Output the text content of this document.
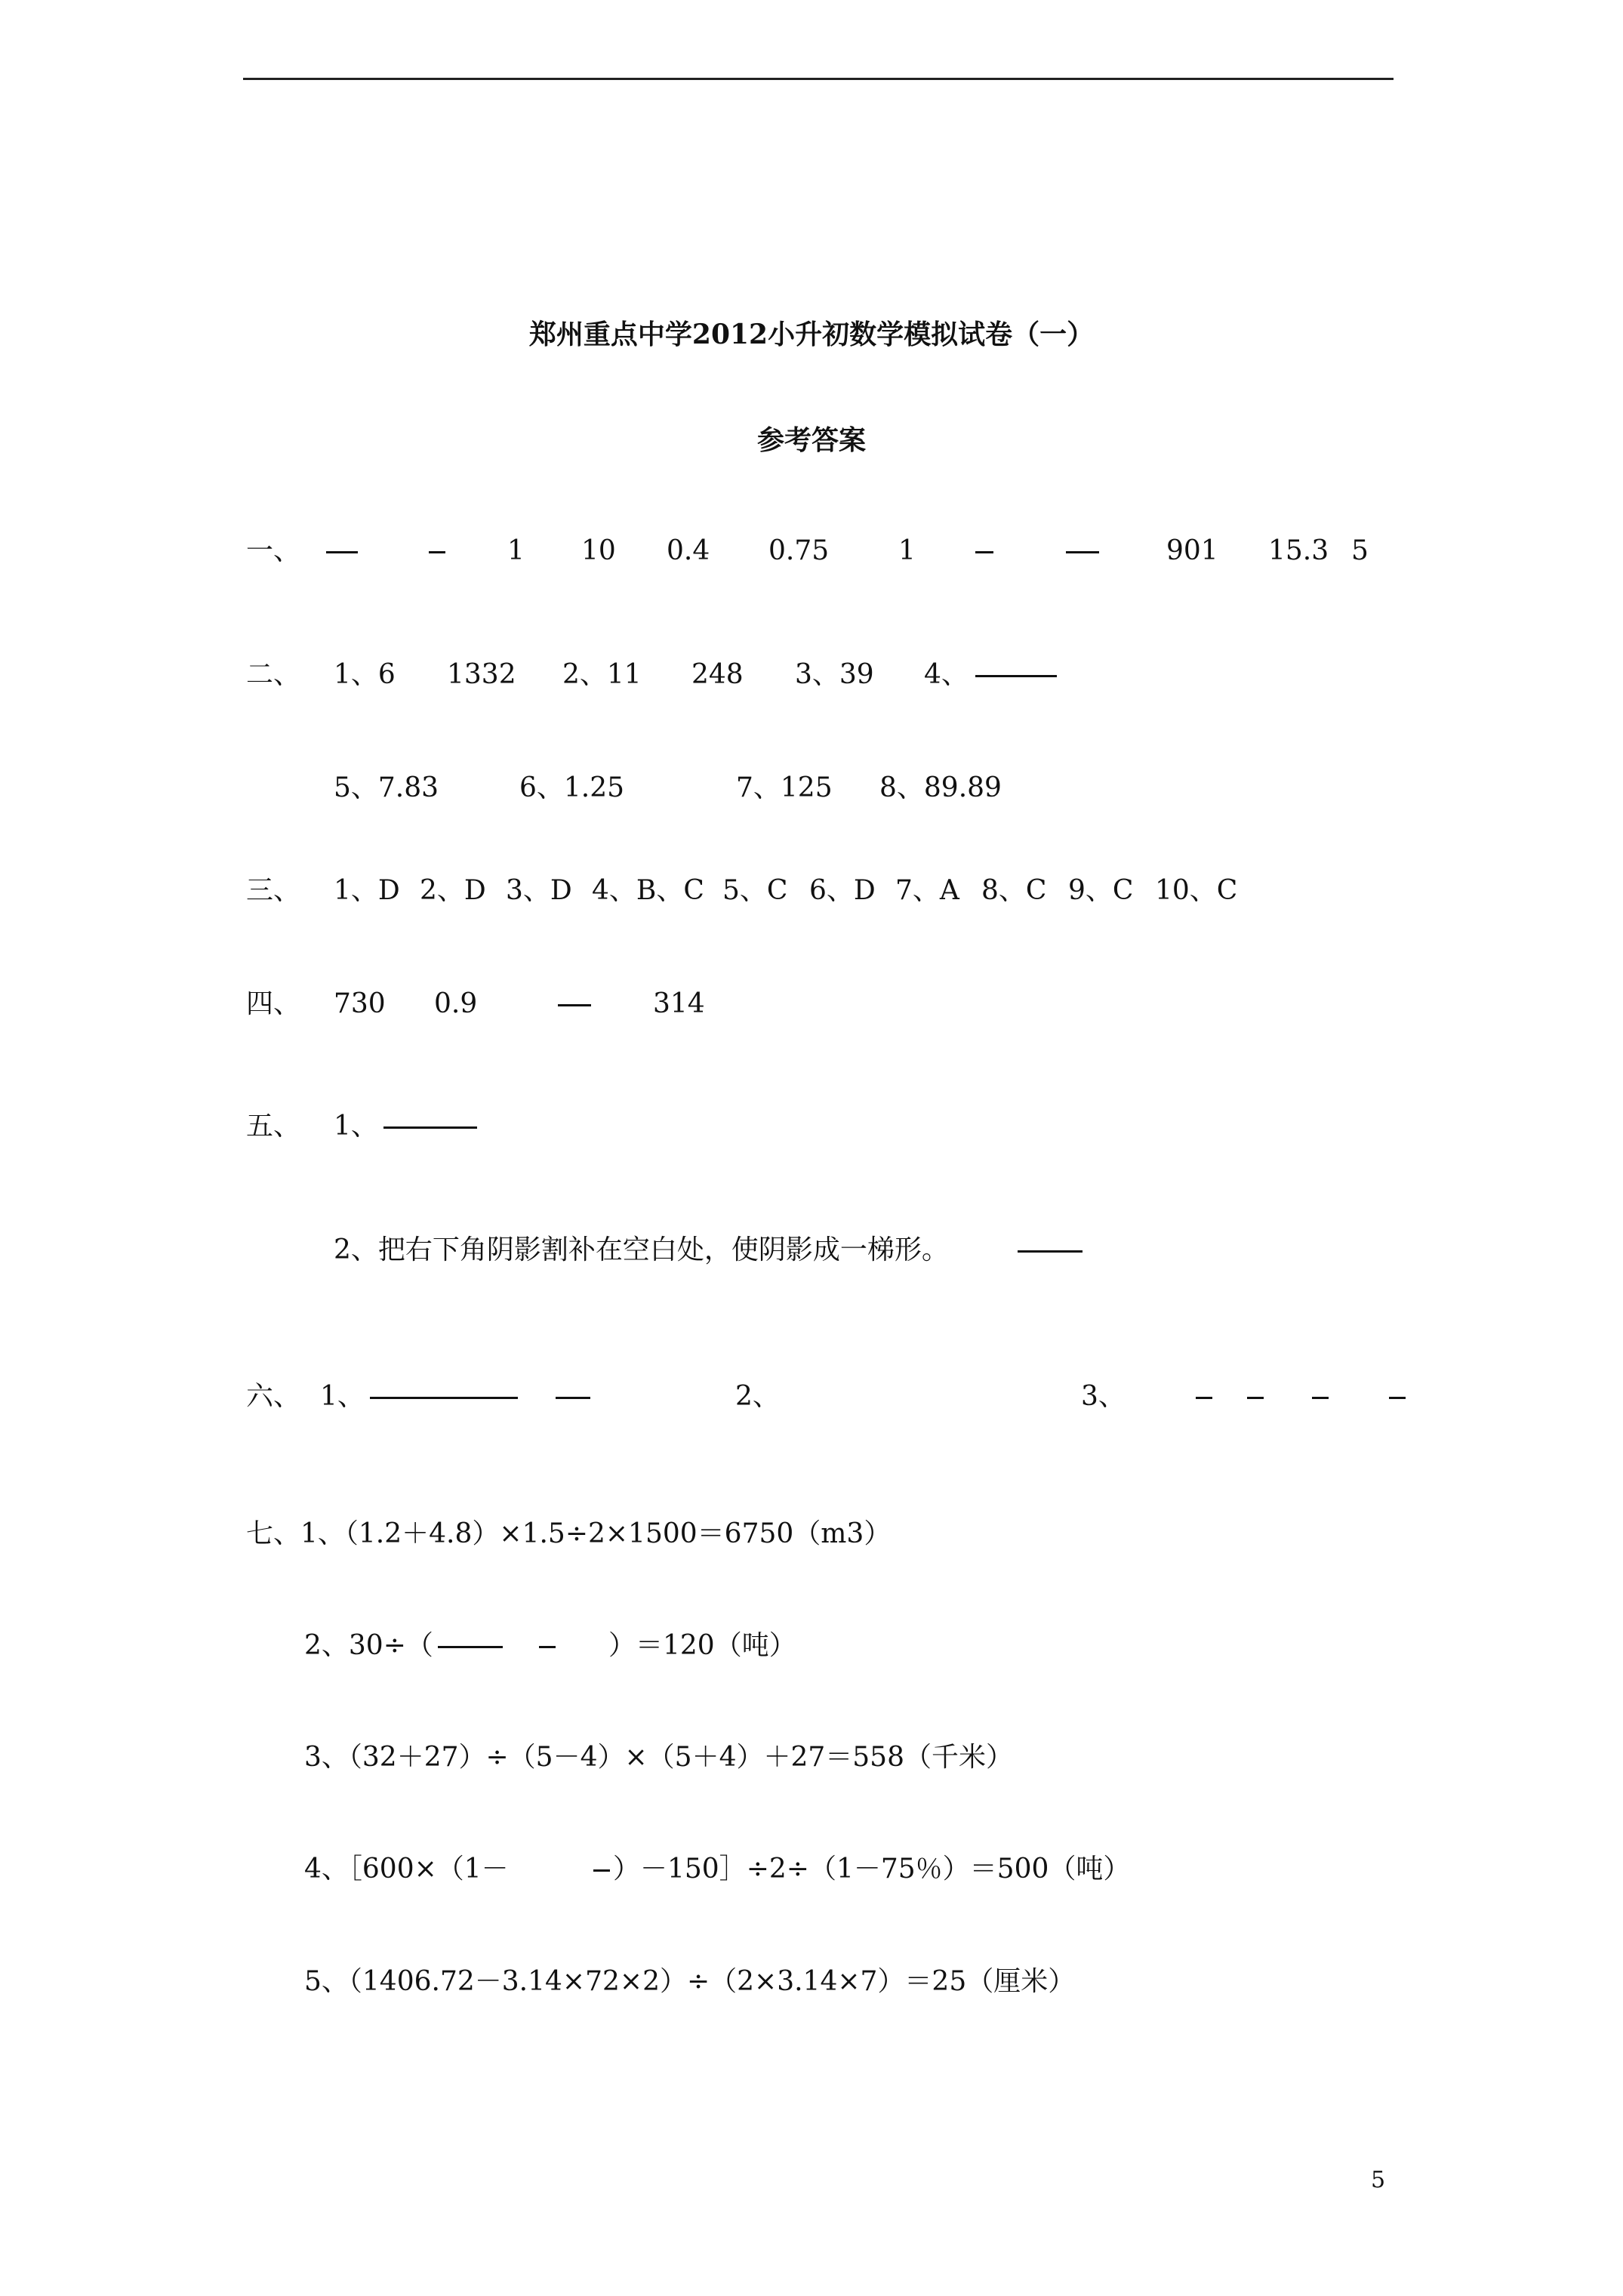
郑州重点中学2012小升初数学模拟试卷（一）
参考答案
一、	1 10 0.4 0.75	1	901 15.3 5
二、 1、6 1332 2、11 248 3、39 4、
5、7.83	6、1.25	7、125 8、89.89
三、 1、D 2、D 3、D 4、B、C 5、C 6、D 7、A 8、C 9、C 10、C
四、 730 0.9	314
五、 1、
2、把右下角阴影割补在空白处，使阴影成一梯形。
六、 1、	2、	3、
七、 1、（1.2＋4.8）×1.5÷2×1500＝6750（m3）
2、30÷（	）＝120（吨）
3、（32＋27）÷（5－4）×（5＋4）＋27＝558（千米）
4、［600×（1－	）－150］÷2÷（1－75％）＝500（吨）
5、（1406.72－3.14×72×2）÷（2×3.14×7）＝25（厘米）
5
